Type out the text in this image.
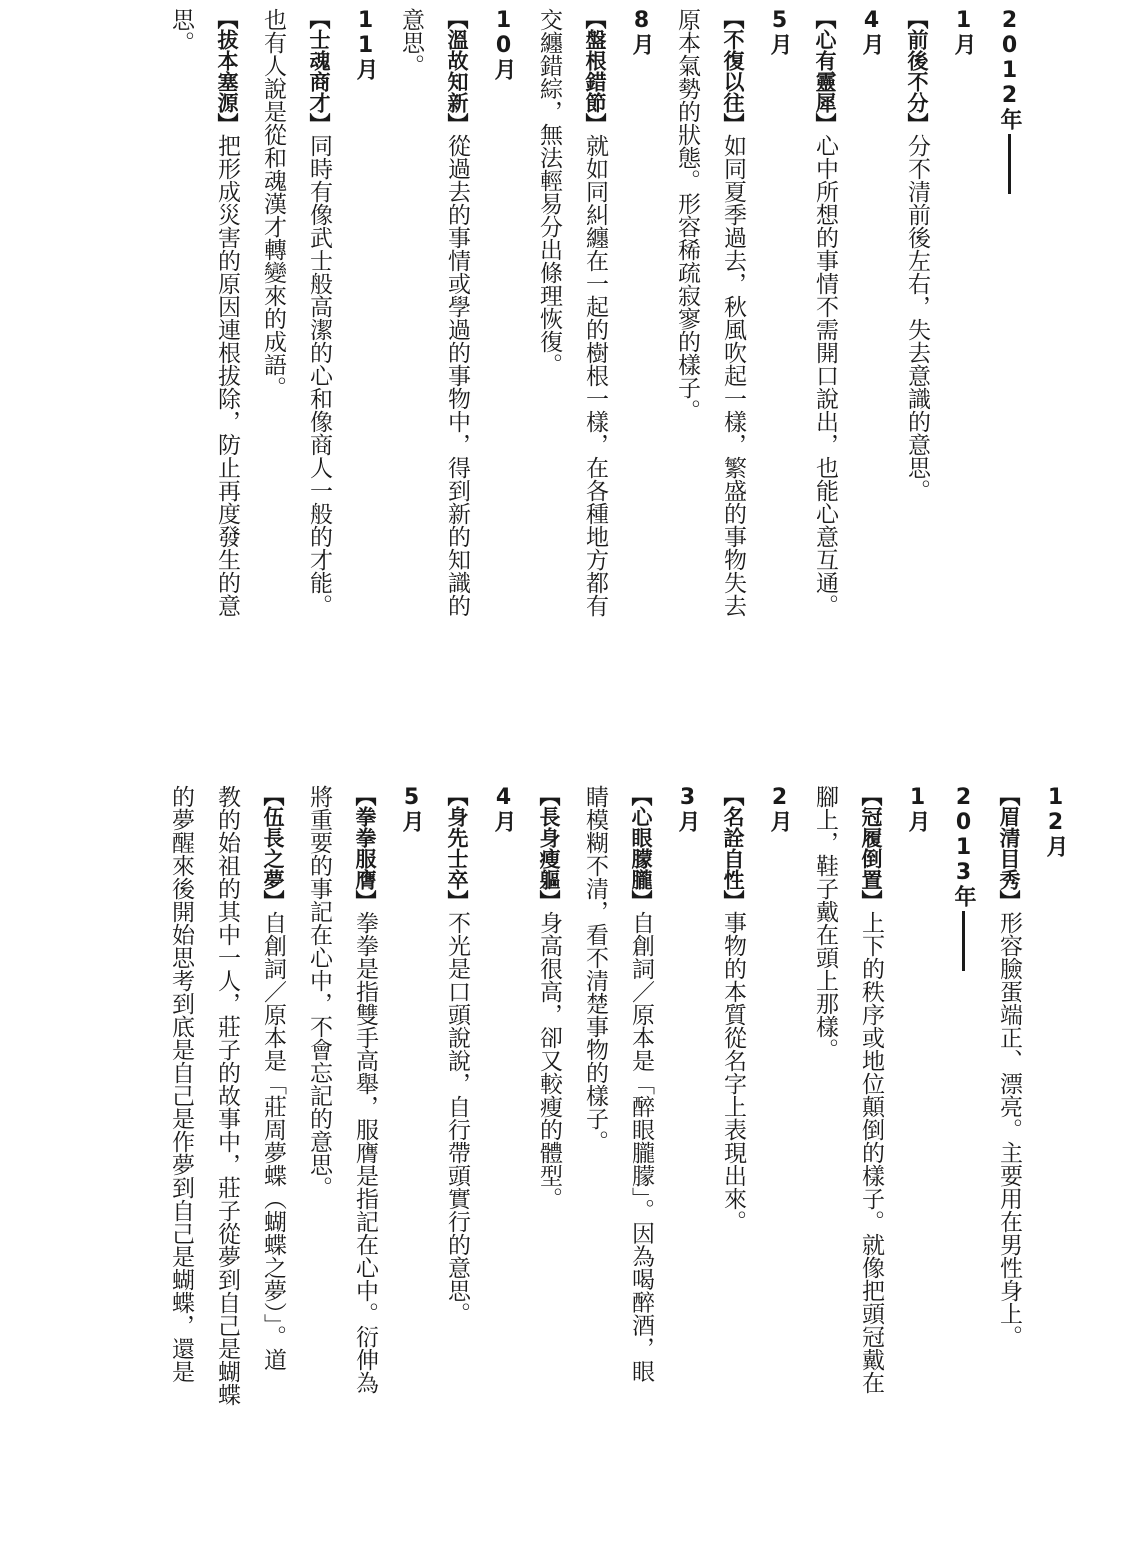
2012年
1月
【前後不分】分不清前後左右，失去意識的意思。
4月
【心有靈犀】心中所想的事情不需開口說出，也能心意互通。
5月
【不復以往】如同夏季過去，秋風吹起一樣，繁盛的事物失去
原本氣勢的狀態。形容稀疏寂寥的樣子。
8月
【盤根錯節】就如同糾纏在一起的樹根一樣，在各種地方都有
交纏錯綜，無法輕易分出條理恢復。
10月
【溫故知新】從過去的事情或學過的事物中，得到新的知識的
意思。
11月
【士魂商才】同時有像武士般高潔的心和像商人一般的才能。
也有人說是從和魂漢才轉變來的成語。
【拔本塞源】把形成災害的原因連根拔除，防止再度發生的意
思。
12月
【眉清目秀】形容臉蛋端正、漂亮。主要用在男性身上。
2013年
1月
【冠履倒置】上下的秩序或地位顛倒的樣子。就像把頭冠戴在
腳上，鞋子戴在頭上那樣。
2月
【名詮自性】事物的本質從名字上表現出來。
3月
【心眼朦朧】自創詞／原本是「醉眼朧朦」。因為喝醉酒，眼
睛模糊不清，看不清楚事物的樣子。
【長身瘦軀】身高很高，卻又較瘦的體型。
4月
【身先士卒】不光是口頭說說，自行帶頭實行的意思。
5月
【拳拳服膺】拳拳是指雙手高舉，服膺是指記在心中。衍伸為
將重要的事記在心中，不會忘記的意思。
【伍長之夢】自創詞／原本是「莊周夢蝶（蝴蝶之夢）」。道
教的始祖的其中一人，莊子的故事中，莊子從夢到自己是蝴蝶
的夢醒來後開始思考到底是自己是作夢到自己是蝴蝶，還是
